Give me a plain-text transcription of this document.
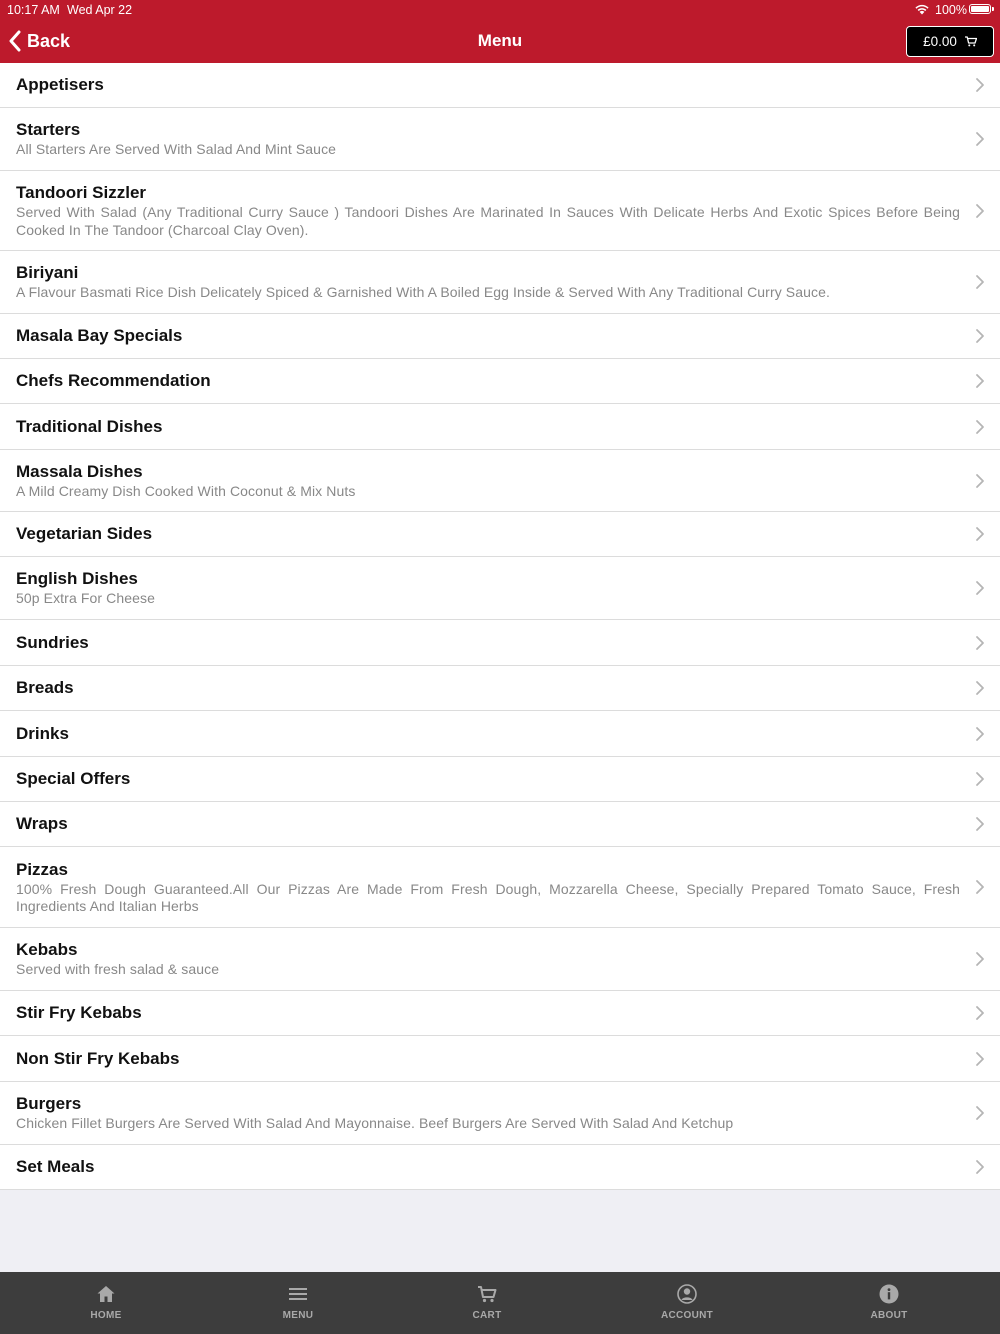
10:17 AM Wed Apr 22	100%
Back	Menu	£0.00
Appetisers
Starters
All Starters Are Served With Salad And Mint Sauce
Tandoori Sizzler
Served With Salad (Any Traditional Curry Sauce ) Tandoori Dishes Are Marinated In Sauces With Delicate Herbs And Exotic Spices Before Being Cooked In The Tandoor (Charcoal Clay Oven).
Biriyani
A Flavour Basmati Rice Dish Delicately Spiced & Garnished With A Boiled Egg Inside & Served With Any Traditional Curry Sauce.
Masala Bay Specials
Chefs Recommendation
Traditional Dishes
Massala Dishes
A Mild Creamy Dish Cooked With Coconut & Mix Nuts
Vegetarian Sides
English Dishes
50p Extra For Cheese
Sundries
Breads
Drinks
Special Offers
Wraps
Pizzas
100% Fresh Dough Guaranteed.All Our Pizzas Are Made From Fresh Dough, Mozzarella Cheese, Specially Prepared Tomato Sauce, Fresh Ingredients And Italian Herbs
Kebabs
Served with fresh salad & sauce
Stir Fry Kebabs
Non Stir Fry Kebabs
Burgers
Chicken Fillet Burgers Are Served With Salad And Mayonnaise. Beef Burgers Are Served With Salad And Ketchup
Set Meals
HOME	MENU	CART	ACCOUNT	ABOUT
